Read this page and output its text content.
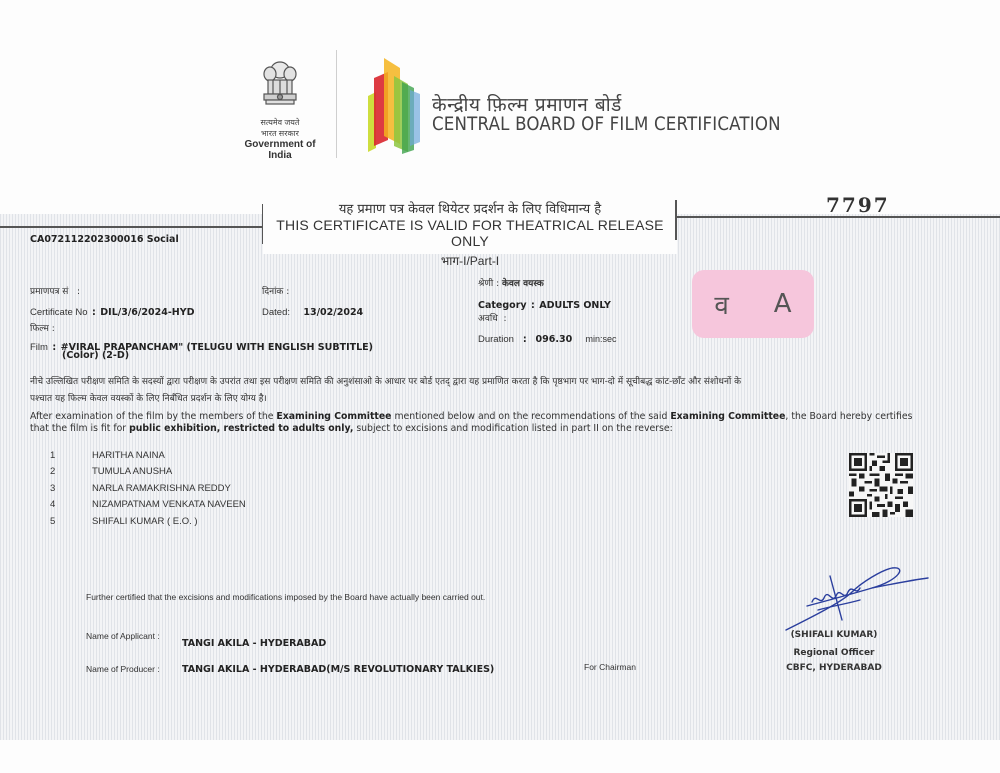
सत्यमेव जयते
भारत सरकार
Government of India
केन्द्रीय फ़िल्म प्रमाणन बोर्ड
CENTRAL BOARD OF FILM CERTIFICATION
यह प्रमाण पत्र केवल थियेटर प्रदर्शन के लिए विधिमान्य है
THIS CERTIFICATE IS VALID FOR THEATRICAL RELEASE ONLY
भाग-I/Part-I
7797
CA072112202300016 Social
प्रमाणपत्र सं :
Certificate No : DIL/3/6/2024-HYD
दिनांक :
Dated: 13/02/2024
फिल्म :
Film : #VIRAL PRAPANCHAM" (TELUGU WITH ENGLISH SUBTITLE)
(Color) (2-D)
श्रेणी : केवल वयस्क
Category : ADULTS ONLY
अवधि :
Duration : 096.30 min:sec
व A
नीचे उल्लिखित परीक्षण समिति के सदस्यों द्वारा परीक्षण के उपरांत तथा इस परीक्षण समिति की अनुशंसाओ के आधार पर बोर्ड एतद् द्वारा यह प्रमाणित करता है कि पृष्ठभाग पर भाग-दो में सूचीबद्ध कांट-छाँट और संशोधनों के
पश्चात यह फिल्म केवल वयस्कों के लिए निर्बंधित प्रदर्शन के लिए योग्य है।
After examination of the film by the members of the Examining Committee mentioned below and on the recommendations of the said Examining Committee, the Board hereby certifies that the film is fit for public exhibition, restricted to adults only, subject to excisions and modification listed in part II on the reverse:
1	HARITHA NAINA
2	TUMULA ANUSHA
3	NARLA RAMAKRISHNA REDDY
4	NIZAMPATNAM VENKATA NAVEEN
5	SHIFALI KUMAR ( E.O. )
Further certified that the excisions and modifications imposed by the Board have actually been carried out.
Name of Applicant :
TANGI AKILA - HYDERABAD
Name of Producer : TANGI AKILA - HYDERABAD(M/S REVOLUTIONARY TALKIES)	For Chairman
(SHIFALI KUMAR)
Regional Officer
CBFC, HYDERABAD
